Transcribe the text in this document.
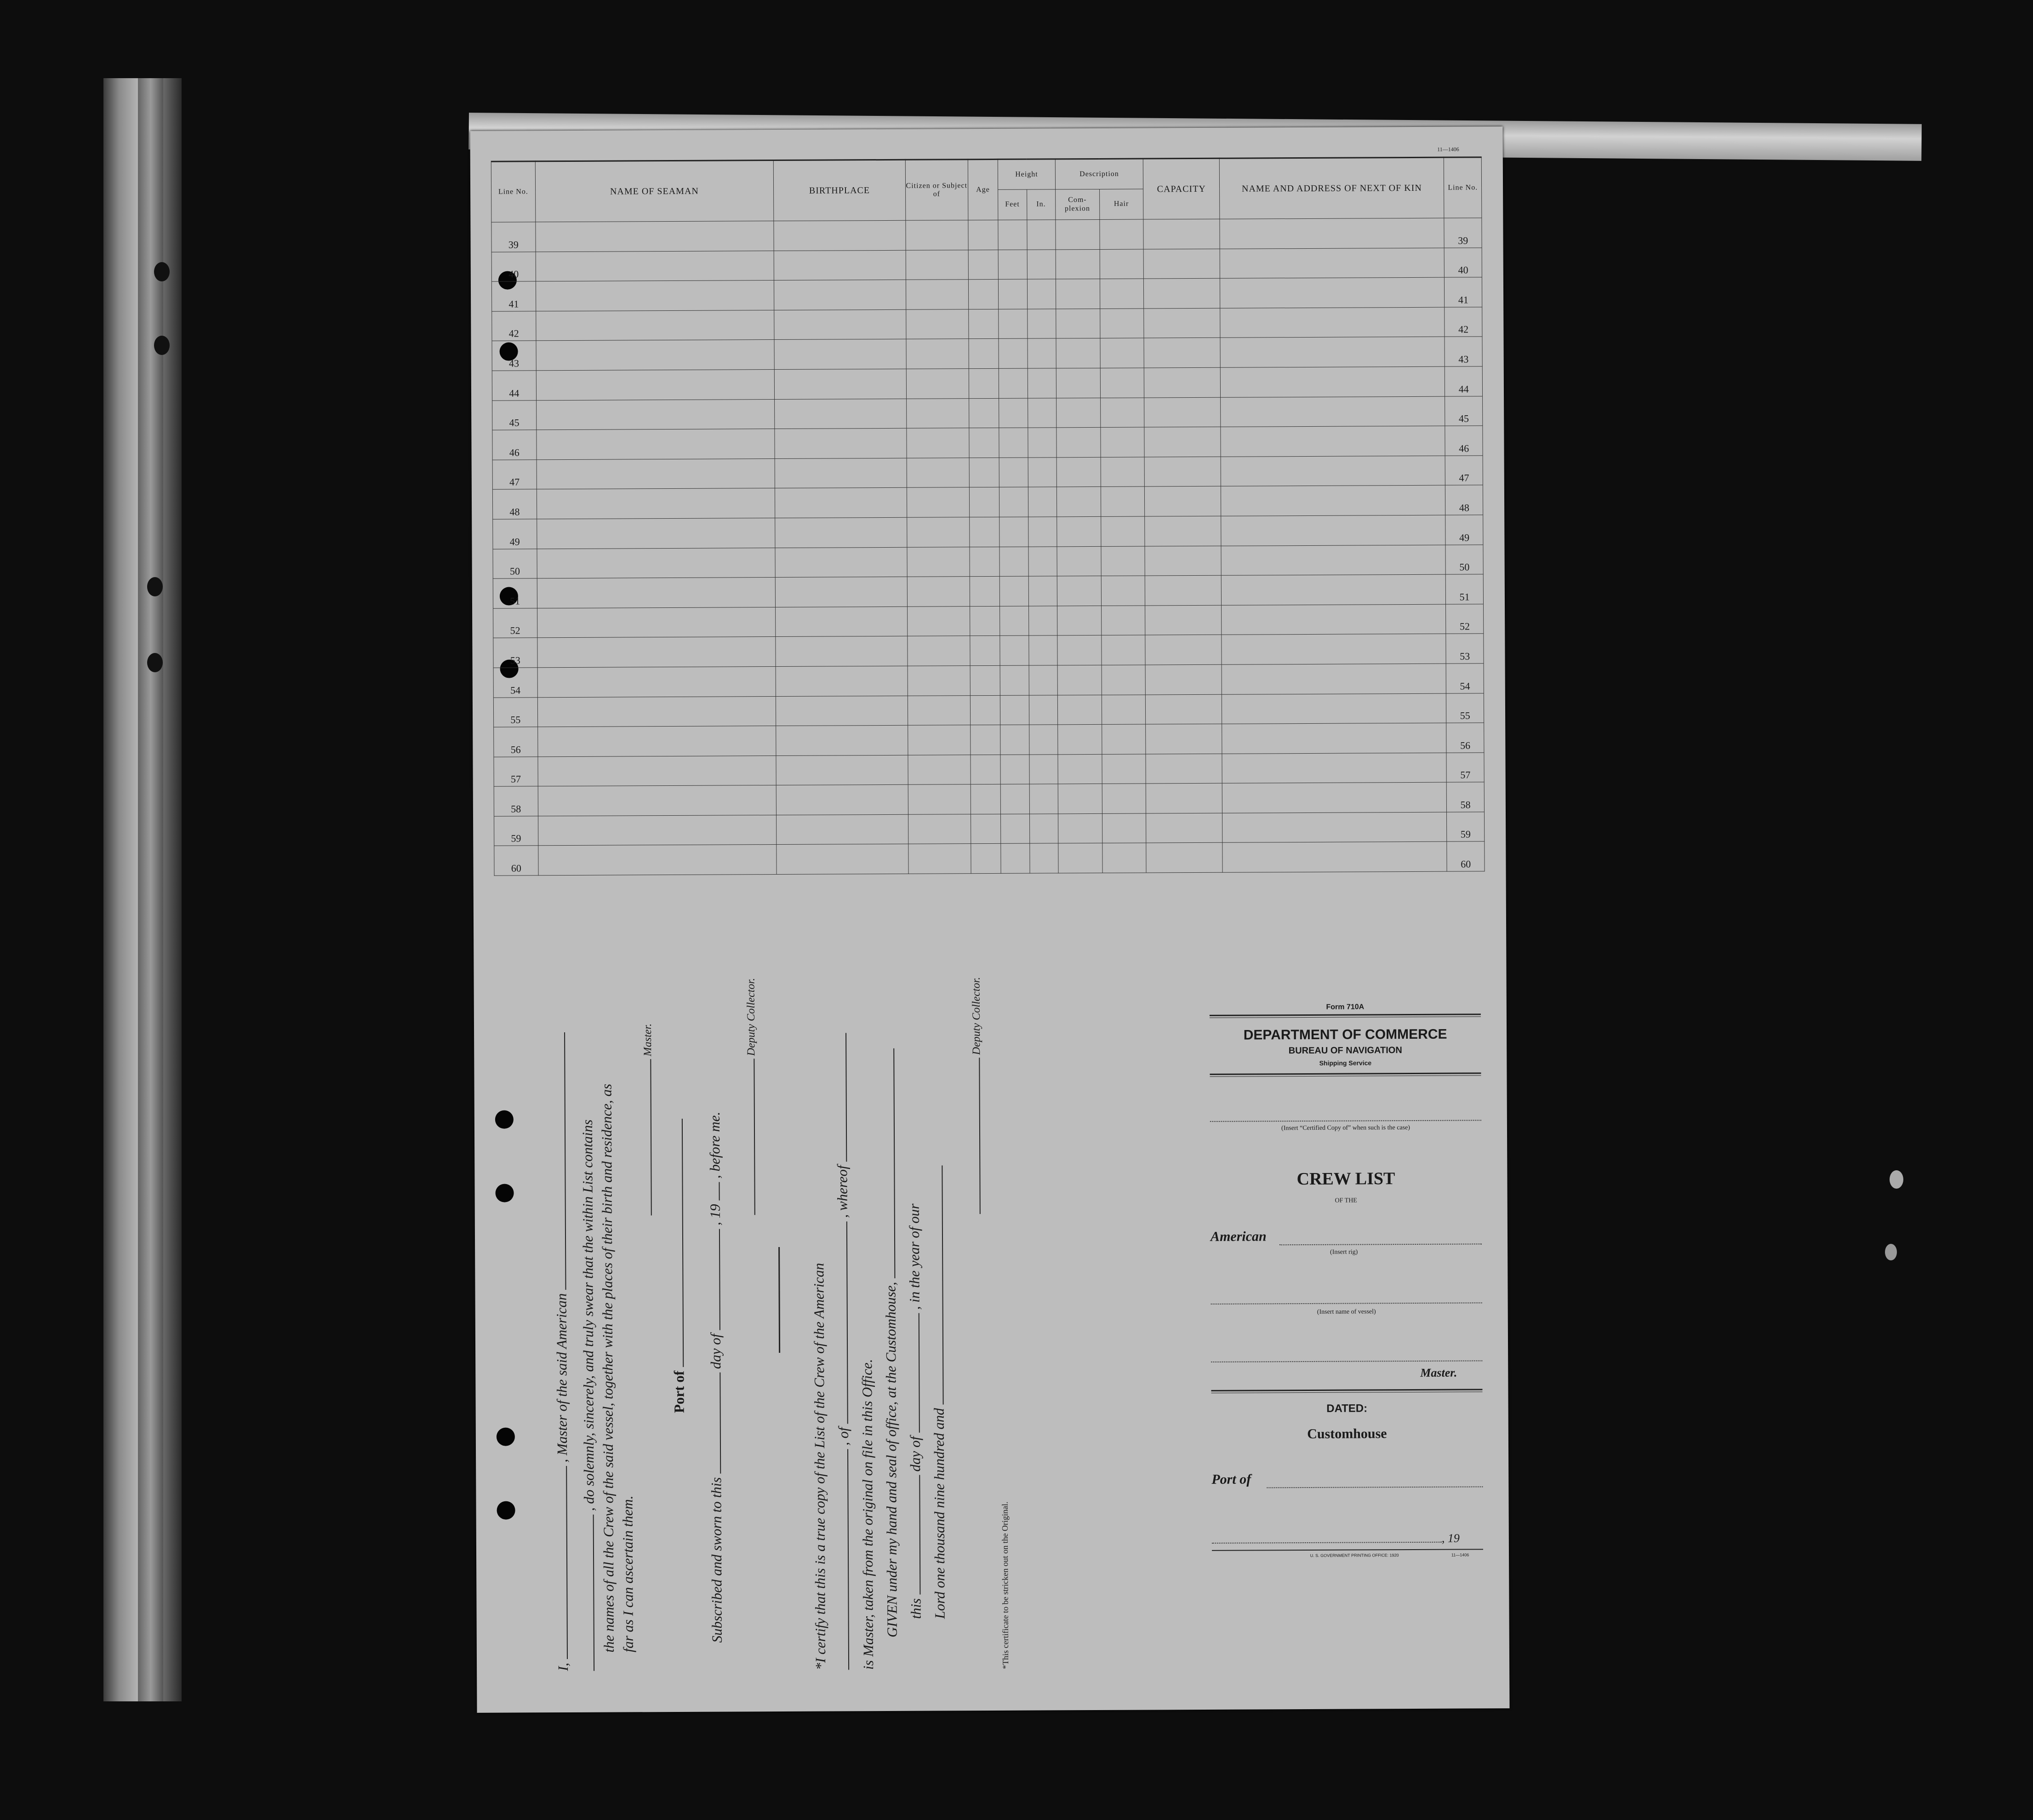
11—1406
Line No.	NAME OF SEAMAN	BIRTHPLACE	Citizen or Subject of	Age	Height		Description		CAPACITY	NAME AND ADDRESS OF NEXT OF KIN	Line No.
					Feet	In.	Com-plexion	Hair			
39											39
40											40
41											41
42											42
43											43
44											44
45											45
46											46
47											47
48											48
49											49
50											50
51											51
52											52
53											53
54											54
55											55
56											56
57											57
58											58
59											59
60											60
I,  , Master of the said American , do solemnly, sincerely, and truly swear that the within List contains the names of all the Crew of the said vessel, together with the places of their birth and residence, as far as I can ascertain them.
Master.
Port of
Subscribed and sworn to this  day of  , 19  , before me.
Deputy Collector.
*I certify that this is a true copy of the List of the Crew of the American , of  , whereof
is Master, taken from the original on file in this Office. GIVEN under my hand and seal of office, at the Customhouse, this  day of  , in the year of our
Lord one thousand nine hundred and
Deputy Collector.
*This certificate to be stricken out on the Original.
Form 710A
DEPARTMENT OF COMMERCE
BUREAU OF NAVIGATION
Shipping Service
(Insert “Certified Copy of” when such is the case)
CREW LIST
OF THE
American
(Insert rig)
(Insert name of vessel)
Master.
DATED:
Customhouse
Port of
, 19
U. S. GOVERNMENT PRINTING OFFICE: 1920	11—1406
